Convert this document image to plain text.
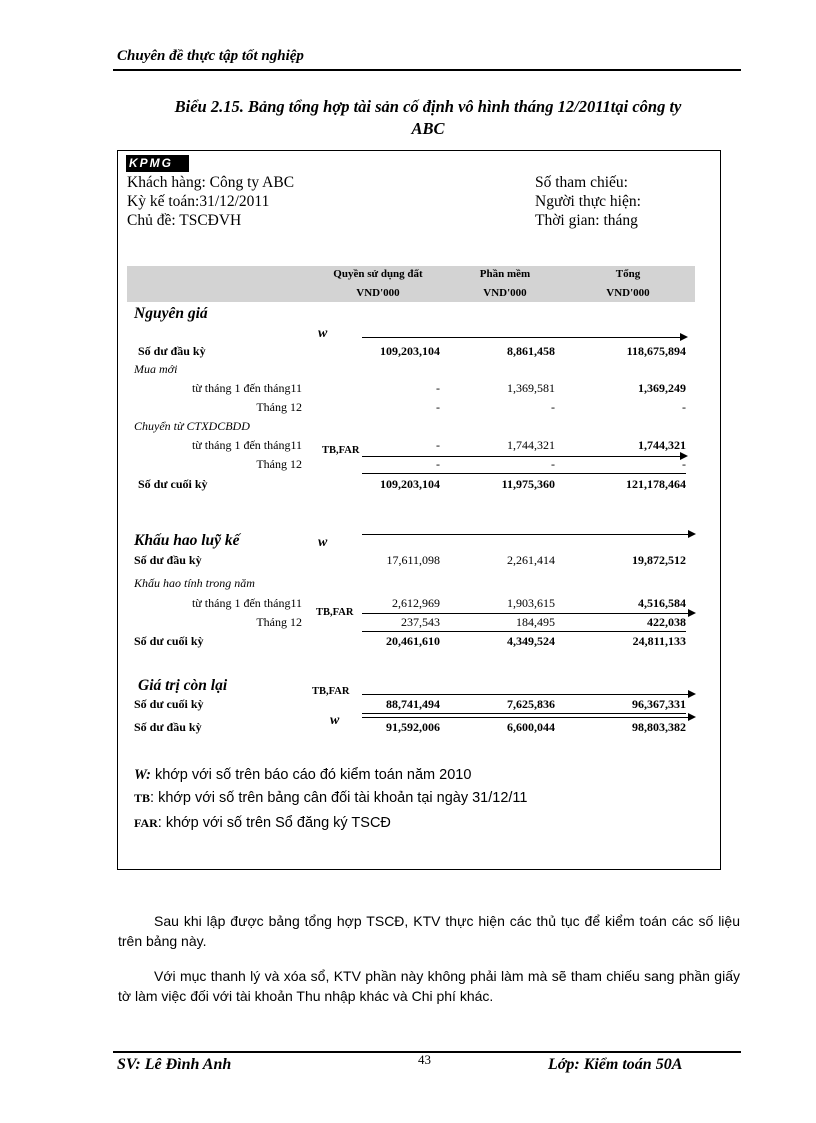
Chuyên đề thực tập tốt nghiệp
Biểu 2.15. Bảng tổng hợp tài sản cố định vô hình tháng 12/2011tại công ty
ABC
KPMG
Khách hàng: Công ty ABC
Kỳ kế toán:31/12/2011
Chủ đề: TSCĐVH
Số tham chiếu:
Người thực hiện:
Thời gian: tháng
Quyền sử dụng đất
VND'000
Phần mềm
VND'000
Tổng
VND'000
Nguyên giá
w
Số dư đầu kỳ	109,203,104	8,861,458	118,675,894
Mua mới
từ tháng 1 đến tháng11	-	1,369,581	1,369,249
Tháng 12	-	-	-
Chuyển từ CTXDCBDD
từ tháng 1 đến tháng11 TB,FAR	-	1,744,321	1,744,321
Tháng 12	-	-	-
Số dư cuối kỳ	109,203,104	11,975,360	121,178,464
Khấu hao luỹ kế	w
Số dư đầu kỳ	17,611,098	2,261,414	19,872,512
Khấu hao tính trong năm
từ tháng 1 đến tháng11	2,612,969	1,903,615	4,516,584
TB,FAR
Tháng 12	237,543	184,495	422,038
Số dư cuối kỳ	20,461,610	4,349,524	24,811,133
Giá trị còn lại	TB,FAR
Số dư cuối kỳ	88,741,494	7,625,836	96,367,331
w
Số dư đầu kỳ	91,592,006	6,600,044	98,803,382
W: khớp với số trên báo cáo đó kiểm toán năm 2010
TB: khớp với số trên bảng cân đối tài khoản tại ngày 31/12/11
FAR: khớp với số trên Sổ đăng ký TSCĐ
Sau khi lập được bảng tổng hợp TSCĐ, KTV thực hiện các thủ tục để kiểm toán các số liệu trên bảng này.
Với mục thanh lý và xóa sổ, KTV phần này không phải làm mà sẽ tham chiếu sang phần giấy tờ làm việc đối với tài khoản Thu nhập khác và Chi phí khác.
SV: Lê Đình Anh	43	Lớp: Kiểm toán 50A
